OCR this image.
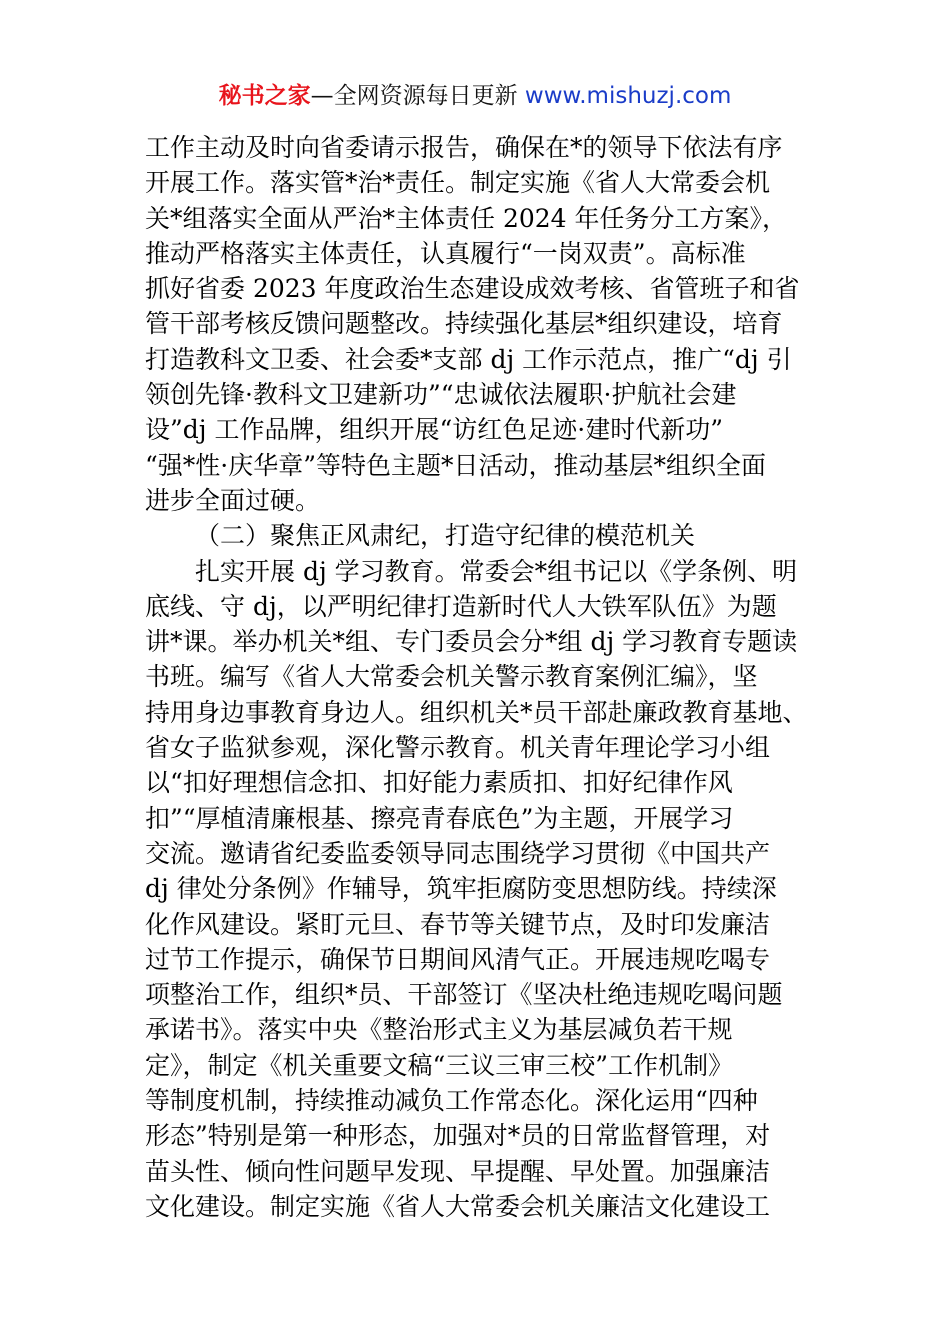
秘书之家—全网资源每日更新 www.mishuzj.com
工作主动及时向省委请示报告，确保在*的领导下依法有序
开展工作。落实管*治*责任。制定实施《省人大常委会机
关*组落实全面从严治*主体责任 2024 年任务分工方案》，
推动严格落实主体责任，认真履行“一岗双责”。高标准
抓好省委 2023 年度政治生态建设成效考核、省管班子和省
管干部考核反馈问题整改。持续强化基层*组织建设，培育
打造教科文卫委、社会委*支部 dj 工作示范点，推广“dj 引
领创先锋·教科文卫建新功”“忠诚依法履职·护航社会建
设”dj 工作品牌，组织开展“访红色足迹·建时代新功”
“强*性·庆华章”等特色主题*日活动，推动基层*组织全面
进步全面过硬。
（二）聚焦正风肃纪，打造守纪律的模范机关
扎实开展 dj 学习教育。常委会*组书记以《学条例、明
底线、守 dj，以严明纪律打造新时代人大铁军队伍》为题
讲*课。举办机关*组、专门委员会分*组 dj 学习教育专题读
书班。编写《省人大常委会机关警示教育案例汇编》，坚
持用身边事教育身边人。组织机关*员干部赴廉政教育基地、
省女子监狱参观，深化警示教育。机关青年理论学习小组
以“扣好理想信念扣、扣好能力素质扣、扣好纪律作风
扣”“厚植清廉根基、擦亮青春底色”为主题，开展学习
交流。邀请省纪委监委领导同志围绕学习贯彻《中国共产
dj 律处分条例》作辅导，筑牢拒腐防变思想防线。持续深
化作风建设。紧盯元旦、春节等关键节点，及时印发廉洁
过节工作提示，确保节日期间风清气正。开展违规吃喝专
项整治工作，组织*员、干部签订《坚决杜绝违规吃喝问题
承诺书》。落实中央《整治形式主义为基层减负若干规
定》，制定《机关重要文稿“三议三审三校”工作机制》
等制度机制，持续推动减负工作常态化。深化运用“四种
形态”特别是第一种形态，加强对*员的日常监督管理，对
苗头性、倾向性问题早发现、早提醒、早处置。加强廉洁
文化建设。制定实施《省人大常委会机关廉洁文化建设工
